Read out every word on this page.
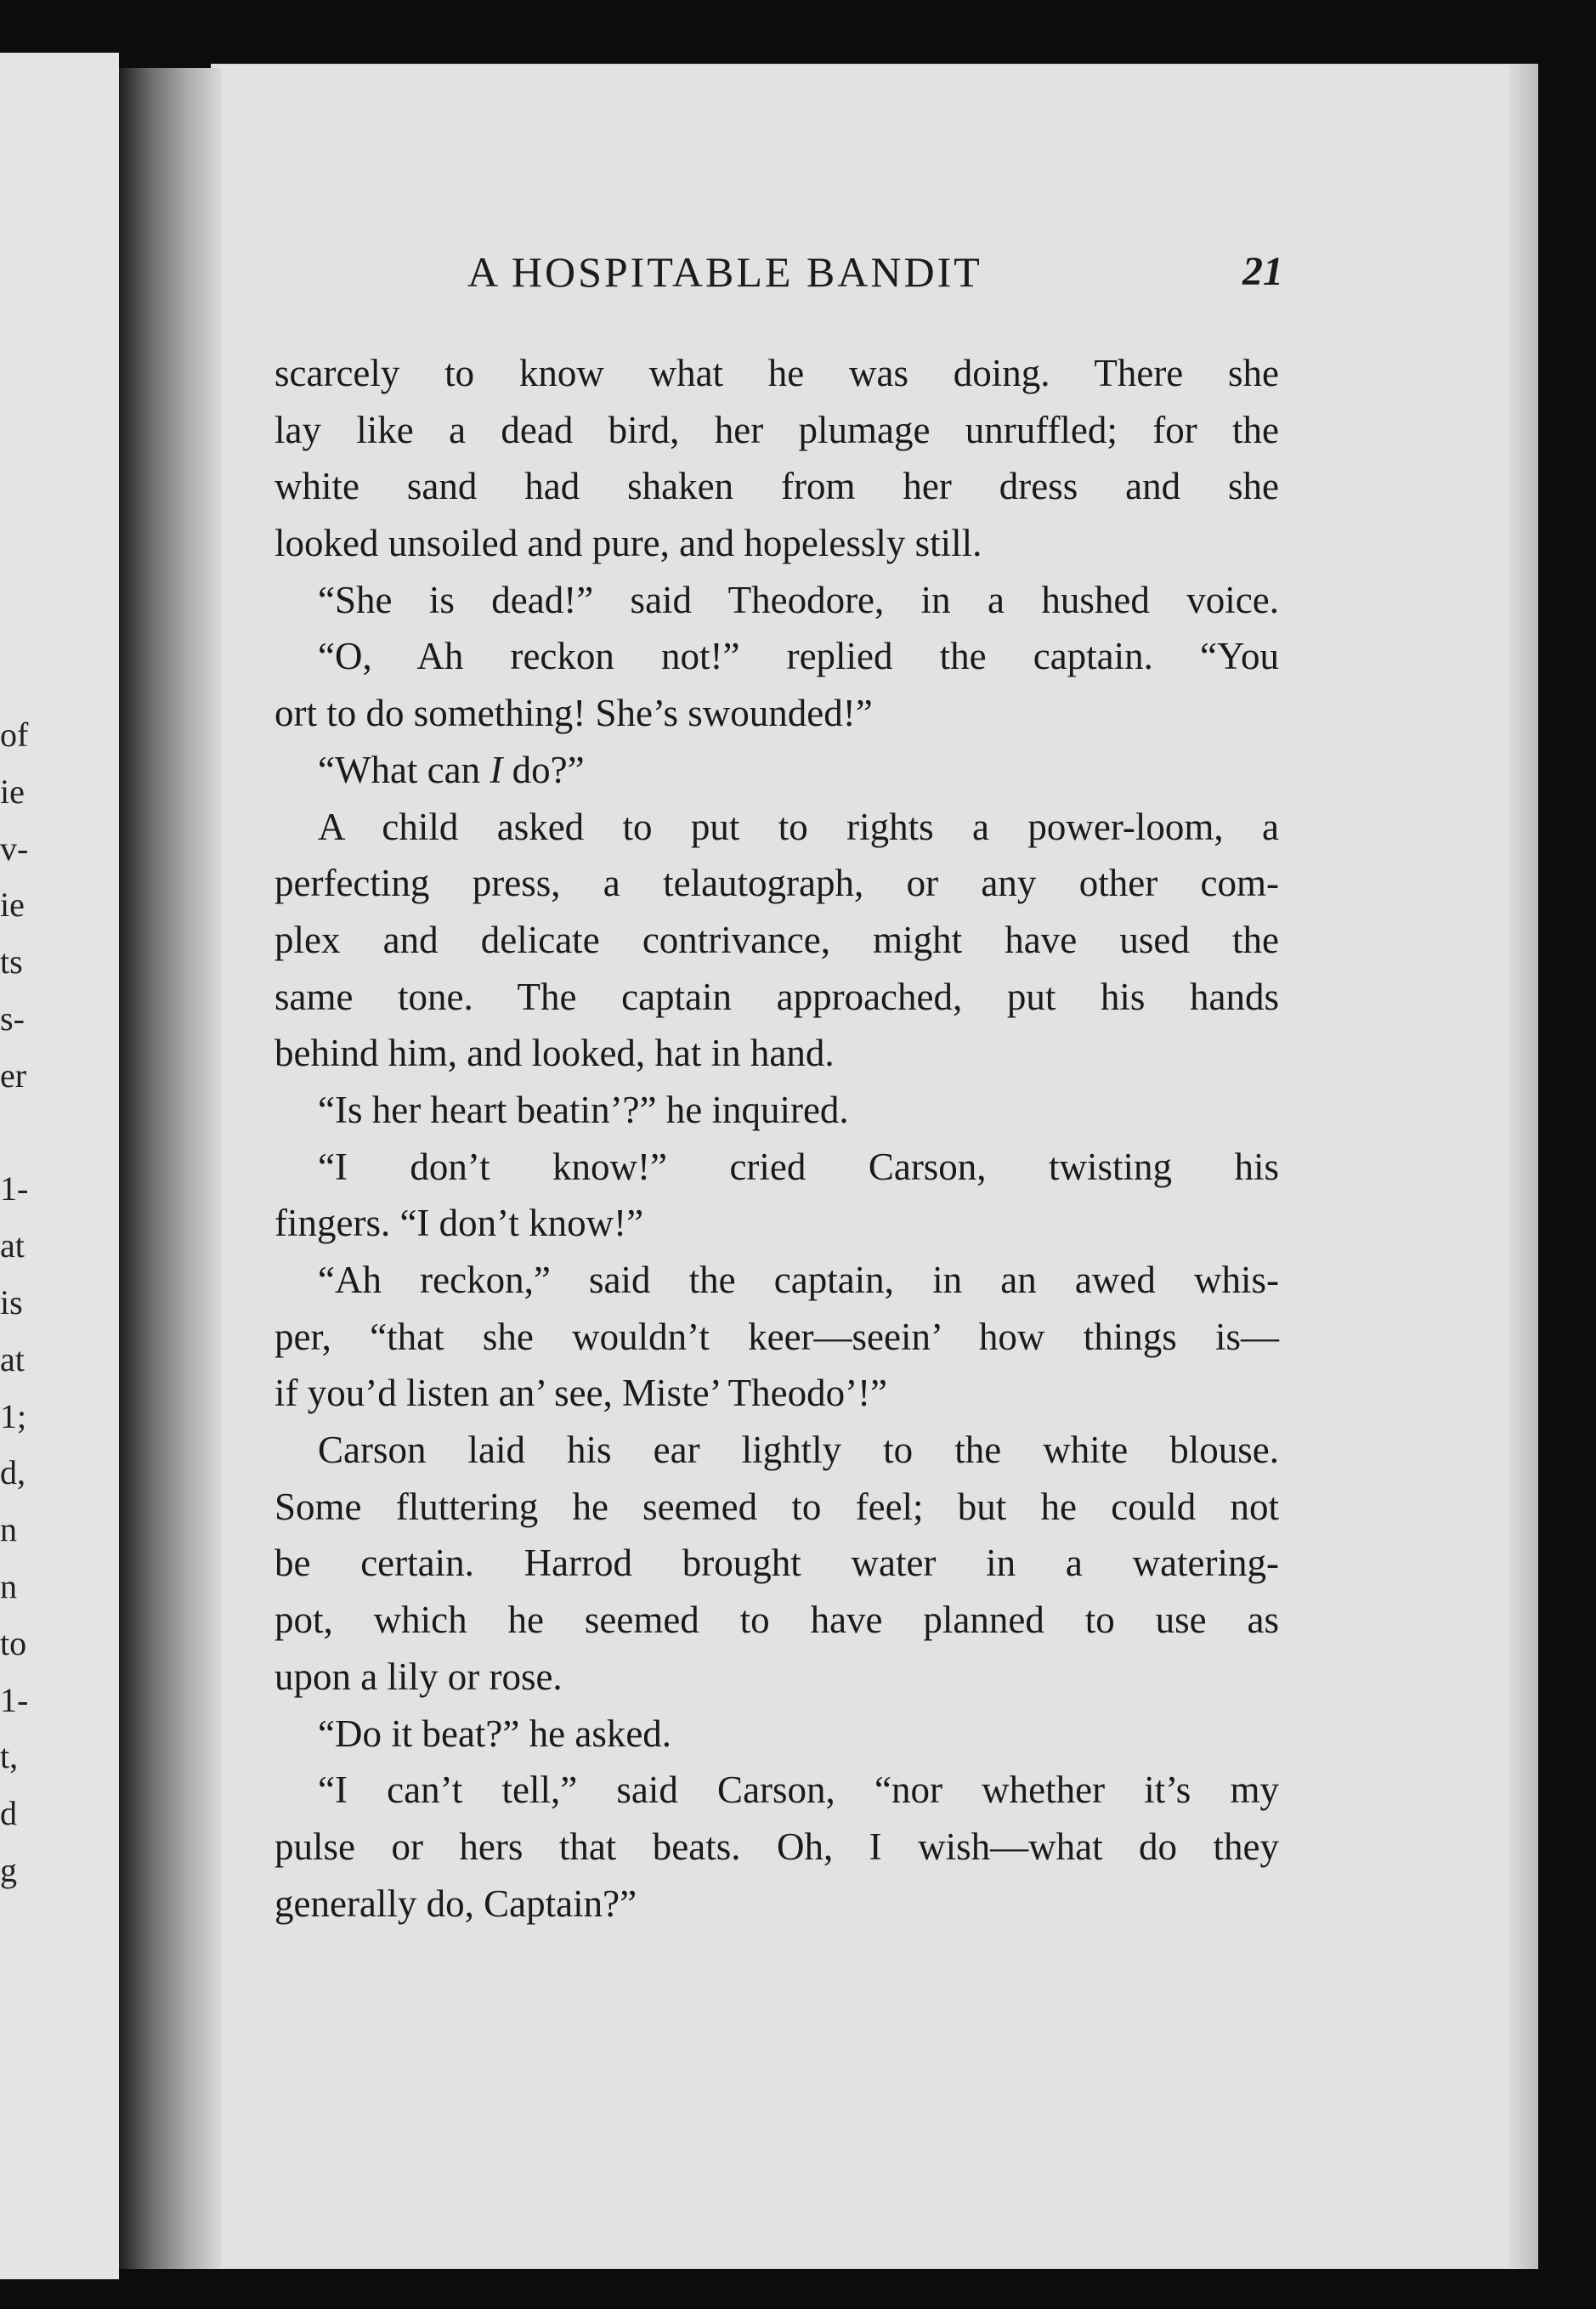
of
ie
v-
ie
ts
s-
er
1-
at
is
at
1;
d,
n
n
to
1-
t,
d
g
A HOSPITABLE BANDIT	21
scarcely to know what he was doing. There she
lay like a dead bird, her plumage unruffled; for the
white sand had shaken from her dress and she
looked unsoiled and pure, and hopelessly still.
“She is dead!” said Theodore, in a hushed voice.
“O, Ah reckon not!” replied the captain. “You
ort to do something! She’s swounded!”
“What can I do?”
A child asked to put to rights a power-loom, a
perfecting press, a telautograph, or any other com-
plex and delicate contrivance, might have used the
same tone. The captain approached, put his hands
behind him, and looked, hat in hand.
“Is her heart beatin’?” he inquired.
“I don’t know!” cried Carson, twisting his
fingers. “I don’t know!”
“Ah reckon,” said the captain, in an awed whis-
per, “that she wouldn’t keer—seein’ how things is—
if you’d listen an’ see, Miste’ Theodo’!”
Carson laid his ear lightly to the white blouse.
Some fluttering he seemed to feel; but he could not
be certain. Harrod brought water in a watering-
pot, which he seemed to have planned to use as
upon a lily or rose.
“Do it beat?” he asked.
“I can’t tell,” said Carson, “nor whether it’s my
pulse or hers that beats. Oh, I wish—what do they
generally do, Captain?”
